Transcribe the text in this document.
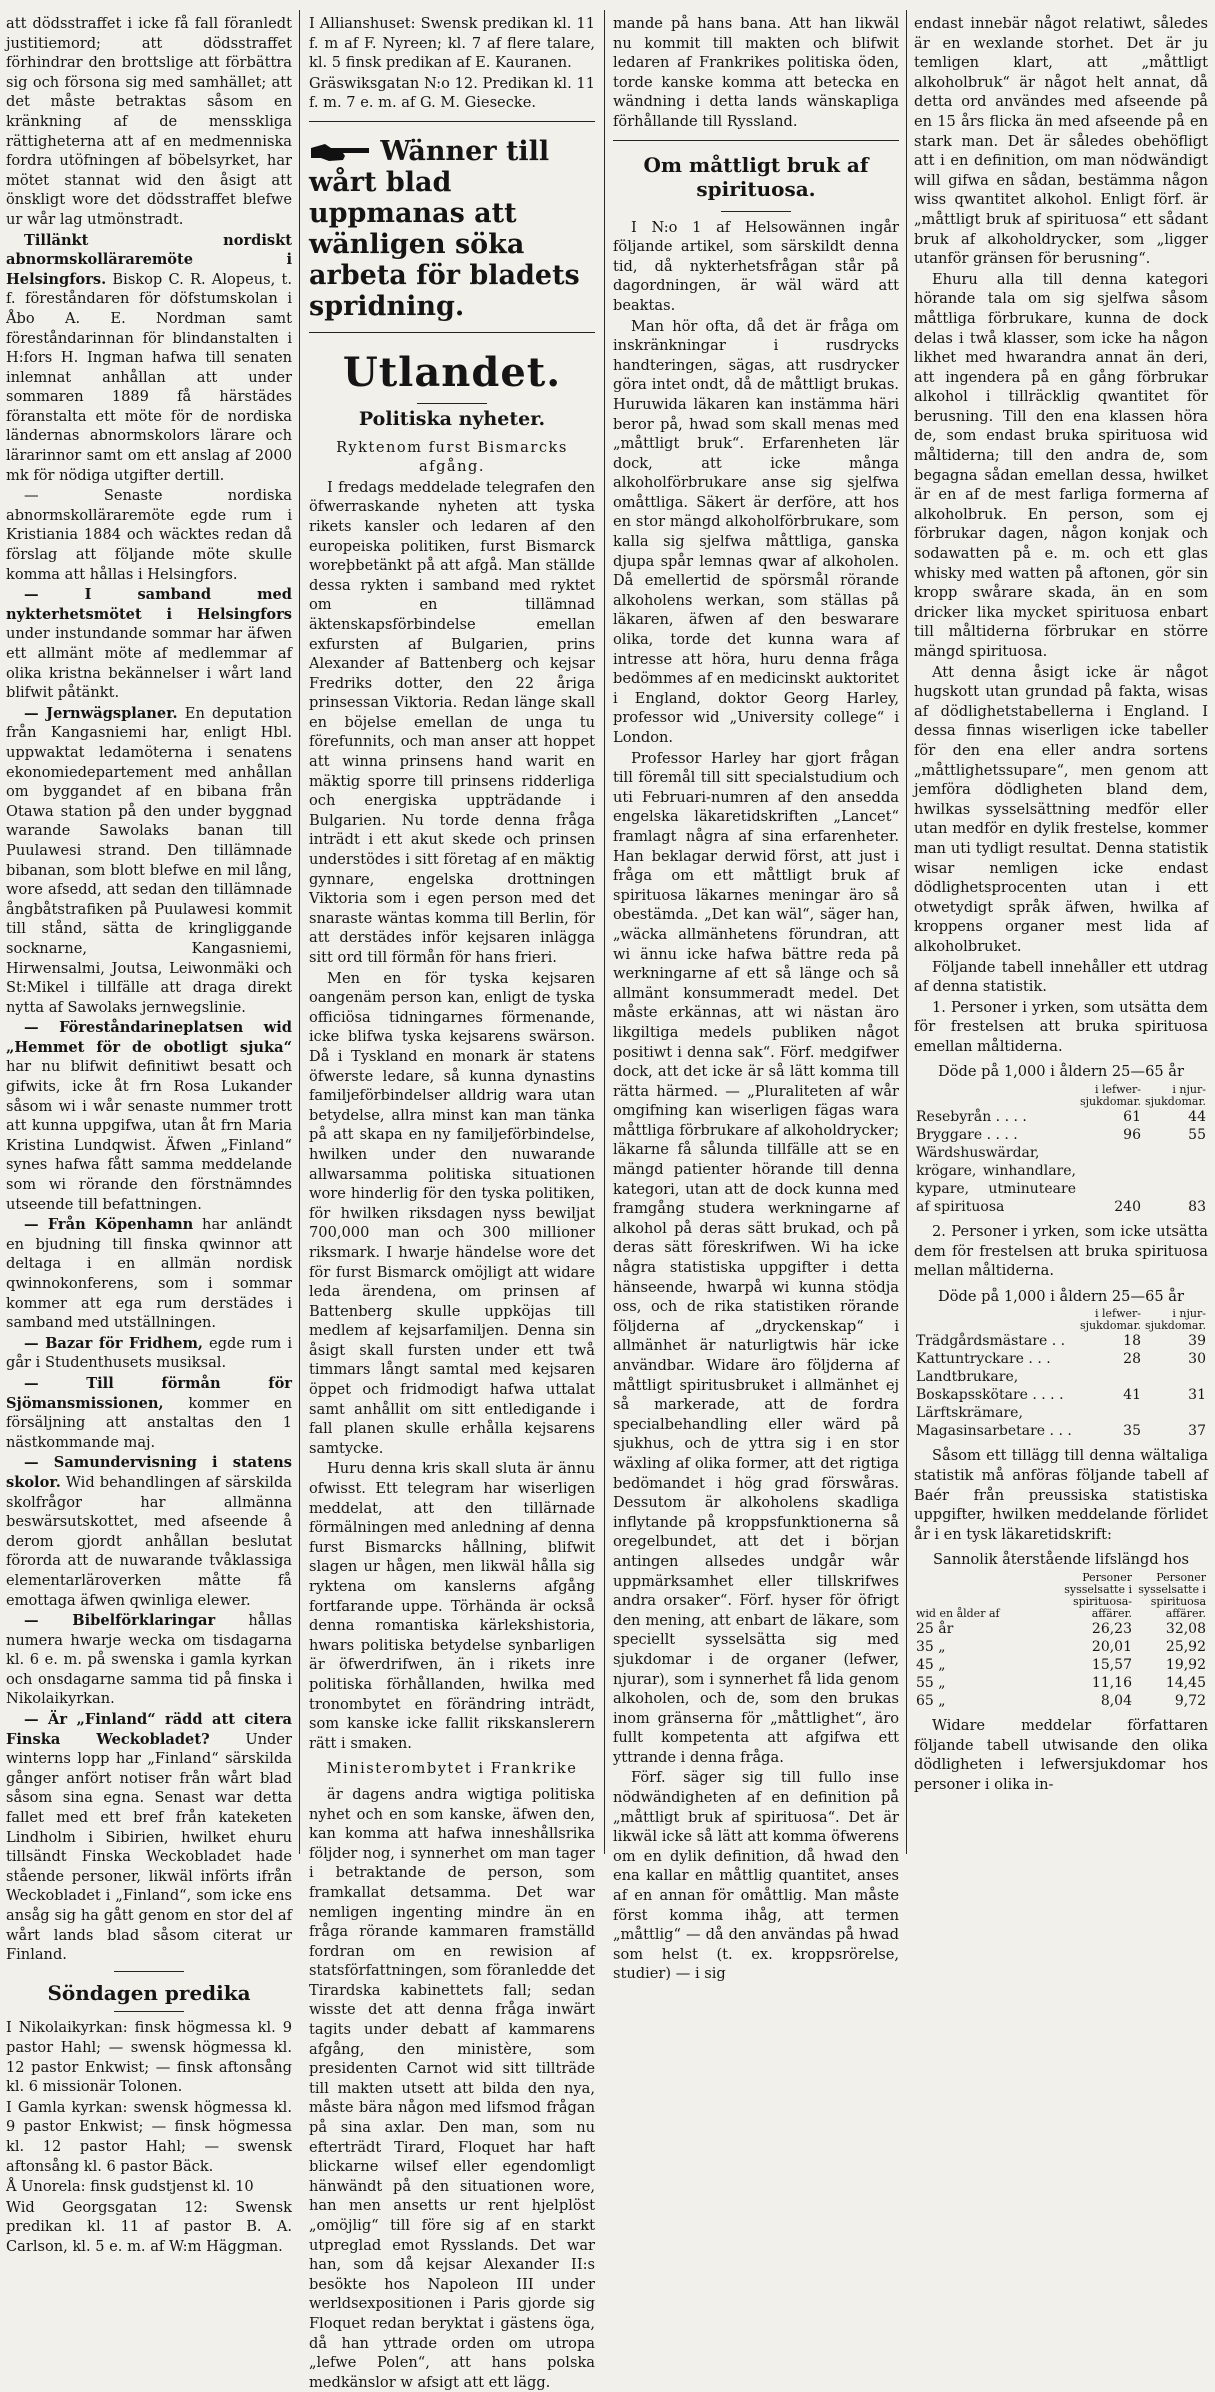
att dödsstraffet i icke få fall föranledt justitiemord; att dödsstraffet förhindrar den brottslige att förbättra sig och försona sig med samhället; att det måste betraktas såsom en kränkning af de mensskliga rättigheterna att af en medmenniska fordra utöfningen af böbelsyrket, har mötet stannat wid den åsigt att önskligt wore det dödsstraffet blefwe ur wår lag utmönstradt.

Tillänkt nordiskt abnormskolläraremöte i Helsingfors. Biskop C. R. Alopeus, t. f. föreståndaren för döfstumskolan i Åbo A. E. Nordman samt föreståndarinnan för blindanstalten i H:fors H. Ingman hafwa till senaten inlemnat anhållan att under sommaren 1889 få härstädes föranstalta ett möte för de nordiska ländernas abnormskolors lärare och lärarinnor samt om ett anslag af 2000 mk för nödiga utgifter dertill.

— Senaste nordiska abnormskolläraremöte egde rum i Kristiania 1884 och wäcktes redan då förslag att följande möte skulle komma att hållas i Helsingfors.

— I samband med nykterhetsmötet i Helsingfors under instundande sommar har äfwen ett allmänt möte af medlemmar af olika kristna bekännelser i wårt land blifwit påtänkt.

— Jernwägsplaner. En deputation från Kangasniemi har, enligt Hbl. uppwaktat ledamöterna i senatens ekonomiedepartement med anhållan om byggandet af en bibana från Otawa station på den under byggnad warande Sawolaks banan till Puulawesi strand. Den tillämnade bibanan, som blott blefwe en mil lång, wore afsedd, att sedan den tillämnade ångbåtstrafiken på Puulawesi kommit till stånd, sätta de kringliggande socknarne, Kangasniemi, Hirwensalmi, Joutsa, Leiwonmäki och St:Mikel i tillfälle att draga direkt nytta af Sawolaks jernwegslinie.

— Föreståndarineplatsen wid „Hemmet för de obotligt sjuka“ har nu blifwit definitiwt besatt och gifwits, icke åt frn Rosa Lukander såsom wi i wår senaste nummer trott att kunna uppgifwa, utan åt frn Maria Kristina Lundqwist. Äfwen „Finland“ synes hafwa fått samma meddelande som wi rörande den förstnämndes utseende till befattningen.

— Från Köpenhamn har anländt en bjudning till finska qwinnor att deltaga i en allmän nordisk qwinnokonferens, som i sommar kommer att ega rum derstädes i samband med utställningen.

— Bazar för Fridhem, egde rum i går i Studenthusets musiksal.

— Till förmån för Sjömansmissionen, kommer en försäljning att anstaltas den 1 nästkommande maj.

— Samundervisning i statens skolor. Wid behandlingen af särskilda skolfrågor har allmänna beswärsutskottet, med afseende å derom gjordt anhållan beslutat förorda att de nuwarande tvåklassiga elementarläroverken måtte få emottaga äfwen qwinliga elewer.

— Bibelförklaringar hållas numera hwarje wecka om tisdagarna kl. 6 e. m. på swenska i gamla kyrkan och onsdagarne samma tid på finska i Nikolaikyrkan.

— Är „Finland“ rädd att citera Finska Weckobladet? Under winterns lopp har „Finland“ särskilda gånger anfört notiser från wårt blad såsom sina egna. Senast war detta fallet med ett bref från kateketen Lindholm i Sibirien, hwilket ehuru tillsändt Finska Weckobladet hade stående personer, likwäl införts ifrån Weckobladet i „Finland“, som icke ens ansåg sig ha gått genom en stor del af wårt lands blad såsom citerat ur Finland.

Söndagen predika

I Nikolaikyrkan: finsk högmessa kl. 9 pastor Hahl; — swensk högmessa kl. 12 pastor Enkwist; — finsk aftonsång kl. 6 missionär Tolonen.

I Gamla kyrkan: swensk högmessa kl. 9 pastor Enkwist; — finsk högmessa kl. 12 pastor Hahl; — swensk aftonsång kl. 6 pastor Bäck.

Å Unorela: finsk gudstjenst kl. 10

Wid Georgsgatan 12: Swensk predikan kl. 11 af pastor B. A. Carlson, kl. 5 e. m. af W:m Häggman.

I Allianshuset: Swensk predikan kl. 11 f. m af F. Nyreen; kl. 7 af flere talare, kl. 5 finsk predikan af E. Kauranen.

Gräswiksgatan N:o 12. Predikan kl. 11 f. m. 7 e. m. af G. M. Giesecke.

Wänner till wårt blad uppmanas att wänligen söka arbeta för bladets spridning.
Utlandet.
Politiska nyheter.

Ryktenom furst Bismarcks afgång.

I fredags meddelade telegrafen den öfwerraskande nyheten att tyska rikets kansler och ledaren af den europeiska politiken, furst Bismarck woreþbetänkt på att afgå. Man ställde dessa rykten i samband med ryktet om en tillämnad äktenskapsförbindelse emellan exfursten af Bulgarien, prins Alexander af Battenberg och kejsar Fredriks dotter, den 22 åriga prinsessan Viktoria. Redan länge skall en böjelse emellan de unga tu förefunnits, och man anser att hoppet att winna prinsens hand warit en mäktig sporre till prinsens ridderliga och energiska uppträdande i Bulgarien. Nu torde denna fråga inträdt i ett akut skede och prinsen understödes i sitt företag af en mäktig gynnare, engelska drottningen Viktoria som i egen person med det snaraste wäntas komma till Berlin, för att derstädes inför kejsaren inlägga sitt ord till förmån för hans frieri.

Men en för tyska kejsaren oangenäm person kan, enligt de tyska officiösa tidningarnes förmenande, icke blifwa tyska kejsarens swärson. Då i Tyskland en monark är statens öfwerste ledare, så kunna dynastins familjeförbindelser alldrig wara utan betydelse, allra minst kan man tänka på att skapa en ny familjeförbindelse, hwilken under den nuwarande allwarsamma politiska situationen wore hinderlig för den tyska politiken, för hwilken riksdagen nyss bewiljat 700,000 man och 300 millioner riksmark. I hwarje händelse wore det för furst Bismarck omöjligt att widare leda ärendena, om prinsen af Battenberg skulle uppköjas till medlem af kejsarfamiljen. Denna sin åsigt skall fursten under ett twå timmars långt samtal med kejsaren öppet och fridmodigt hafwa uttalat samt anhållit om sitt entledigande i fall planen skulle erhålla kejsarens samtycke.

Huru denna kris skall sluta är ännu ofwisst. Ett telegram har wiserligen meddelat, att den tillärnade förmälningen med anledning af denna furst Bismarcks hållning, blifwit slagen ur hågen, men likwäl hålla sig ryktena om kanslerns afgång fortfarande uppe. Törhända är också denna romantiska kärlekshistoria, hwars politiska betydelse synbarligen är öfwerdrifwen, än i rikets inre politiska förhållanden, hwilka med tronombytet en förändring inträdt, som kanske icke fallit rikskanslerern rätt i smaken.

Ministerombytet i Frankrike

är dagens andra wigtiga politiska nyhet och en som kanske, äfwen den, kan komma att hafwa inneshållsrika följder nog, i synnerhet om man tager i betraktande de person, som framkallat detsamma. Det war nemligen ingenting mindre än en fråga rörande kammaren framställd fordran om en rewision af statsförfattningen, som föranledde det Tirardska kabinettets fall; sedan wisste det att denna fråga inwärt tagits under debatt af kammarens afgång, den ministère, som presidenten Carnot wid sitt tillträde till makten utsett att bilda den nya, måste bära någon med lifsmod frågan på sina axlar. Den man, som nu efterträdt Tirard, Floquet har haft blickarne wilsef eller egendomligt hänwändt på den situationen wore, han men ansetts ur rent hjelplöst „omöjlig“ till före sig af en starkt utpreglad emot Rysslands. Det war han, som då kejsar Alexander II:s besökte hos Napoleon III under werldsexpositionen i Paris gjorde sig Floquet redan beryktat i gästens öga, då han yttrade orden om utropa „lefwe Polen“, att hans polska medkänslor w afsigt att ett lägg.

mande på hans bana. Att han likwäl nu kommit till makten och blifwit ledaren af Frankrikes politiska öden, torde kanske komma att betecka en wändning i detta lands wänskapliga förhållande till Ryssland.

Om måttligt bruk af spirituosa.

I N:o 1 af Helsowännen ingår följande artikel, som särskildt denna tid, då nykterhetsfrågan står på dagordningen, är wäl wärd att beaktas.

Man hör ofta, då det är fråga om inskränkningar i rusdrycks handteringen, sägas, att rusdrycker göra intet ondt, då de måttligt brukas. Huruwida läkaren kan instämma häri beror på, hwad som skall menas med „måttligt bruk“. Erfarenheten lär dock, att icke många alkoholförbrukare anse sig sjelfwa omåttliga. Säkert är derföre, att hos en stor mängd alkoholförbrukare, som kalla sig sjelfwa måttliga, ganska djupa spår lemnas qwar af alkoholen. Då emellertid de spörsmål rörande alkoholens werkan, som ställas på läkaren, äfwen af den beswarare olika, torde det kunna wara af intresse att höra, huru denna fråga bedömmes af en medicinskt auktoritet i England, doktor Georg Harley, professor wid „University college“ i London.

Professor Harley har gjort frågan till föremål till sitt specialstudium och uti Februari-numren af den ansedda engelska läkaretidskriften „Lancet“ framlagt några af sina erfarenheter. Han beklagar derwid först, att just i fråga om ett måttligt bruk af spirituosa läkarnes meningar äro så obestämda. „Det kan wäl“, säger han, „wäcka allmänhetens förundran, att wi ännu icke hafwa bättre reda på werkningarne af ett så länge och så allmänt konsummeradt medel. Det måste erkännas, att wi nästan äro likgiltiga medels publiken något positiwt i denna sak“. Förf. medgifwer dock, att det icke är så lätt komma till rätta härmed. — „Pluraliteten af wår omgifning kan wiserligen fägas wara måttliga förbrukare af alkoholdrycker; läkarne få sålunda tillfälle att se en mängd patienter hörande till denna kategori, utan att de dock kunna med framgång studera werkningarne af alkohol på deras sätt brukad, och på deras sätt föreskrifwen. Wi ha icke några statistiska uppgifter i detta hänseende, hwarpå wi kunna stödja oss, och de rika statistiken rörande följderna af „dryckenskap“ i allmänhet är naturligtwis här icke användbar. Widare äro följderna af måttligt spiritusbruket i allmänhet ej så markerade, att de fordra specialbehandling eller wärd på sjukhus, och de yttra sig i en stor wäxling af olika former, att det rigtiga bedömandet i hög grad förswåras. Dessutom är alkoholens skadliga inflytande på kroppsfunktionerna så oregelbundet, att det i början antingen allsedes undgår wår uppmärksamhet eller tillskrifwes andra orsaker“. Förf. hyser för öfrigt den mening, att enbart de läkare, som speciellt sysselsätta sig med sjukdomar i de organer (lefwer, njurar), som i synnerhet få lida genom alkoholen, och de, som den brukas inom gränserna för „måttlighet“, äro fullt kompetenta att afgifwa ett yttrande i denna fråga.

Förf. säger sig till fullo inse nödwändigheten af en definition på „måttligt bruk af spirituosa“. Det är likwäl icke så lätt att komma öfwerens om en dylik definition, då hwad den ena kallar en måttlig quantitet, anses af en annan för omåttlig. Man måste först komma ihåg, att termen „måttlig“ — då den användas på hwad som helst (t. ex. kroppsrörelse, studier) — i sig

endast innebär något relatiwt, således är en wexlande storhet. Det är ju temligen klart, att „måttligt alkoholbruk“ är något helt annat, då detta ord användes med afseende på en 15 års flicka än med afseende på en stark man. Det är således obehöfligt att i en definition, om man nödwändigt will gifwa en sådan, bestämma någon wiss qwantitet alkohol. Enligt förf. är „måttligt bruk af spirituosa“ ett sådant bruk af alkoholdrycker, som „ligger utanför gränsen för berusning“.

Ehuru alla till denna kategori hörande tala om sig sjelfwa såsom måttliga förbrukare, kunna de dock delas i twå klasser, som icke ha någon likhet med hwarandra annat än deri, att ingendera på en gång förbrukar alkohol i tillräcklig qwantitet för berusning. Till den ena klassen höra de, som endast bruka spirituosa wid måltiderna; till den andra de, som begagna sådan emellan dessa, hwilket är en af de mest farliga formerna af alkoholbruk. En person, som ej förbrukar dagen, någon konjak och sodawatten på e. m. och ett glas whisky med watten på aftonen, gör sin kropp swårare skada, än en som dricker lika mycket spirituosa enbart till måltiderna förbrukar en större mängd spirituosa.

Att denna åsigt icke är något hugskott utan grundad på fakta, wisas af dödlighetstabellerna i England. I dessa finnas wiserligen icke tabeller för den ena eller andra sortens „måttlighetssupare“, men genom att jemföra dödligheten bland dem, hwilkas sysselsättning medför eller utan medför en dylik frestelse, kommer man uti tydligt resultat. Denna statistik wisar nemligen icke endast dödlighetsprocenten utan i ett otwetydigt språk äfwen, hwilka af kroppens organer mest lida af alkoholbruket.

Följande tabell innehåller ett utdrag af denna statistik.

1. Personer i yrken, som utsätta dem för frestelsen att bruka spirituosa emellan måltiderna.

Döde på 1,000 i åldern 25—65 år
	i lefwer-sjukdomar.	i njur-sjukdomar.
Resebyrån . . . .	61	44
Bryggare . . . .	96	55
Wärdshuswärdar, krögare, winhandlare, kypare, utminuteare af spirituosa	240	83

2. Personer i yrken, som icke utsätta dem för frestelsen att bruka spirituosa mellan måltiderna.

Döde på 1,000 i åldern 25—65 år
	i lefwer-sjukdomar.	i njur-sjukdomar.
Trädgårdsmästare . .	18	39
Kattuntryckare . . .	28	30
Landtbrukare, Boskapsskötare . . . .	41	31
Lärftskrämare, Magasinsarbetare . . .	35	37

Såsom ett tillägg till denna wältaliga statistik må anföras följande tabell af Baér från preussiska statistiska uppgifter, hwilken meddelande förlidet år i en tysk läkaretidskrift:

Sannolik återstående lifslängd hos
wid en ålder af	Personer sysselsatte i spirituosa-affärer.	Personer sysselsatte i spirituosa affärer.
25 år	26,23	32,08
35 „	20,01	25,92
45 „	15,57	19,92
55 „	11,16	14,45
65 „	8,04	9,72

Widare meddelar författaren följande tabell utwisande den olika dödligheten i lefwersjukdomar hos personer i olika in-
